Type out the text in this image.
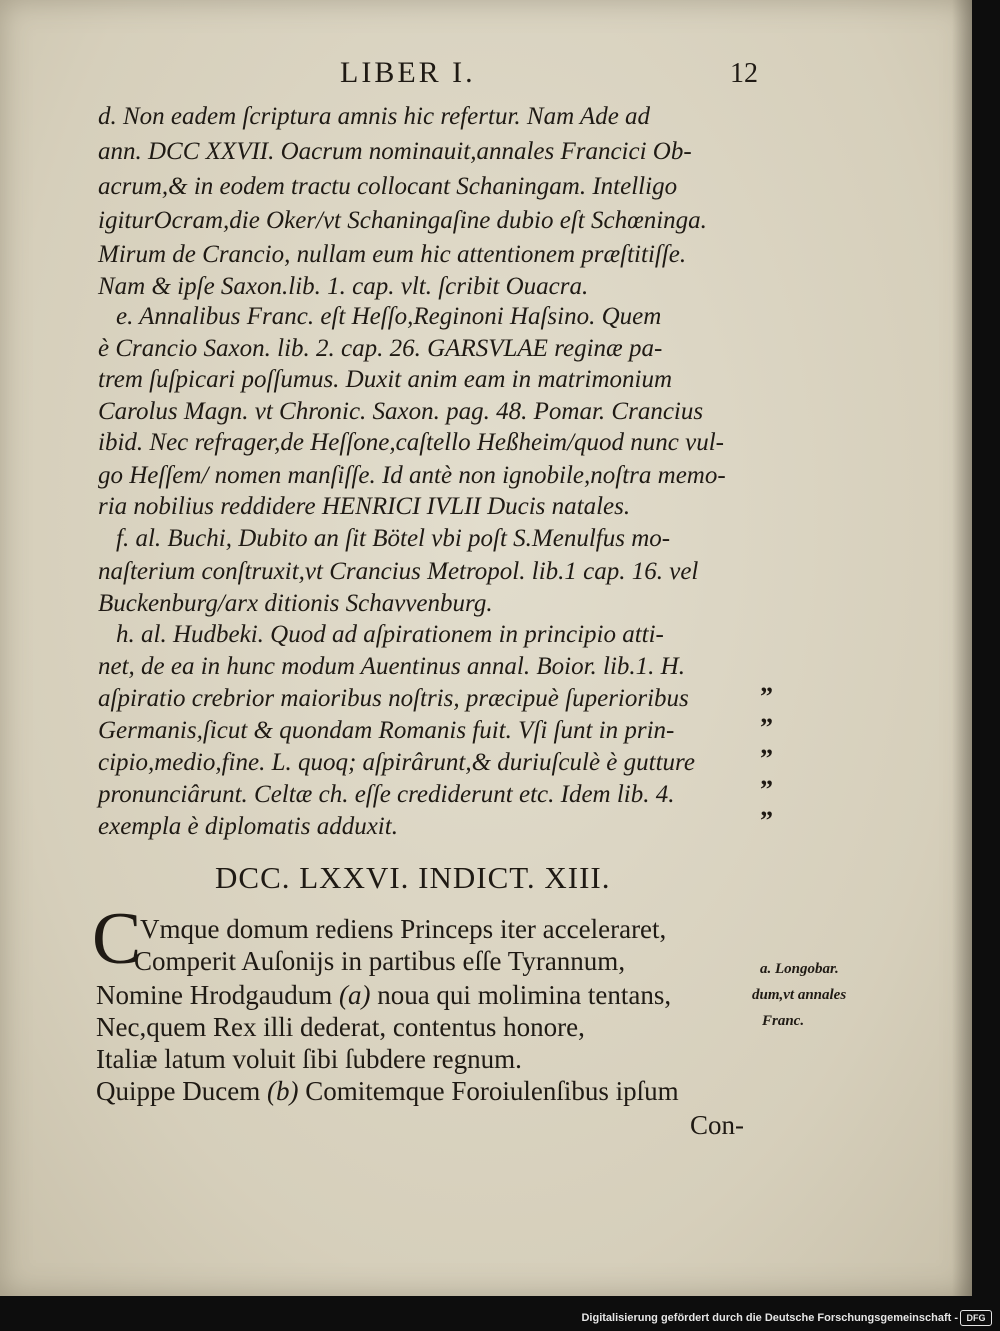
LIBER I.	12
d. Non eadem ſcriptura amnis hic refertur. Nam Ade ad
ann. DCC XXVII. Oacrum nominauit,annales Francici Ob-
acrum,& in eodem tractu collocant Schaningam. Intelligo
igiturOcram,die Oker/vt Schaningaſine dubio eſt Schœninga.
Mirum de Crancio, nullam eum hic attentionem præſtitiſſe.
Nam & ipſe Saxon.lib. 1. cap. vlt. ſcribit Ouacra.
e. Annalibus Franc. eſt Heſſo,Reginoni Haſsino. Quem
è Crancio Saxon. lib. 2. cap. 26. GARSVLAE reginæ pa-
trem ſuſpicari poſſumus. Duxit anim eam in matrimonium
Carolus Magn. vt Chronic. Saxon. pag. 48. Pomar. Crancius
ibid. Nec refrager,de Heſſone,caſtello Heßheim/quod nunc vul-
go Heſſem/ nomen manſiſſe. Id antè non ignobile,noſtra memo-
ria nobilius reddidere HENRICI IVLII Ducis natales.
f. al. Buchi, Dubito an ſit Bötel vbi poſt S.Menulfus mo-
naſterium conſtruxit,vt Crancius Metropol. lib.1 cap. 16. vel
Buckenburg/arx ditionis Schavvenburg.
h. al. Hudbeki. Quod ad aſpirationem in principio atti-
net, de ea in hunc modum Auentinus annal. Boior. lib.1. H.
aſpiratio crebrior maioribus noſtris, præcipuè ſuperioribus
Germanis,ſicut & quondam Romanis fuit. Vſi ſunt in prin-
cipio,medio,fine. L. quoq; aſpirârunt,& duriuſculè è gutture
pronunciârunt. Celtæ ch. eſſe crediderunt etc. Idem lib. 4.
exempla è diplomatis adduxit.
”
”
”
”
”
DCC. LXXVI. INDICT. XIII.
C
Vmque domum rediens Princeps iter acceleraret,
Comperit Auſonijs in partibus eſſe Tyrannum,
Nomine Hrodgaudum (a) noua qui molimina tentans,
Nec,quem Rex illi dederat, contentus honore,
Italiæ latum voluit ſibi ſubdere regnum.
Quippe Ducem (b) Comitemque Foroiulenſibus ipſum
a. Longobar.
dum,vt annales
Franc.
Con-
Digitalisierung gefördert durch die Deutsche Forschungsgemeinschaft - DFG
